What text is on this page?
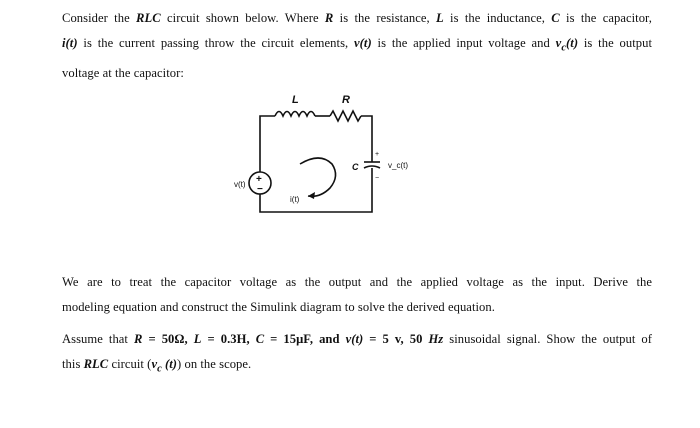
Consider the RLC circuit shown below. Where R is the resistance, L is the inductance, C is the capacitor,
i(t) is the current passing throw the circuit elements, v(t) is the applied input voltage and $v_c(t)$ is the output
voltage at the capacitor:
i(t)
L	R
C
v(t)
v_c(t)
+
−
+
−
We are to treat the capacitor voltage as the output and the applied voltage as the input. Derive the
modeling equation and construct the Simulink diagram to solve the derived equation.
Assume that R = 50Ω, L = 0.3H, C = 15μF, and v(t) = 5 v, 50 Hz sinusoidal signal. Show the output of
this RLC circuit ($v_c$ (t)) on the scope.
